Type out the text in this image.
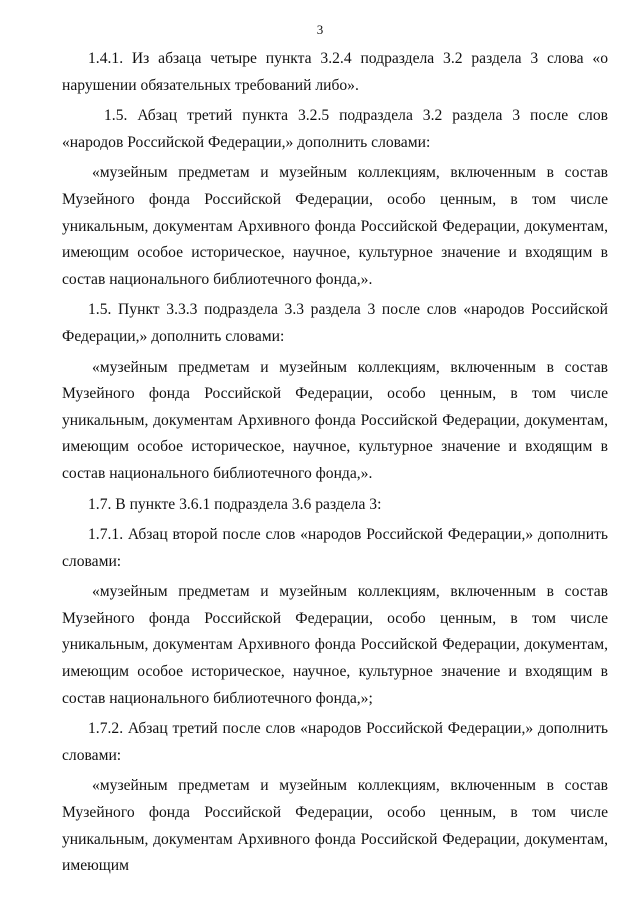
3

1.4.1. Из абзаца четыре пункта 3.2.4 подраздела 3.2 раздела 3 слова «о нарушении обязательных требований либо».

1.5. Абзац третий пункта 3.2.5 подраздела 3.2 раздела 3 после слов «народов Российской Федерации,» дополнить словами:

«музейным предметам и музейным коллекциям, включенным в состав Музейного фонда Российской Федерации, особо ценным, в том числе уникальным, документам Архивного фонда Российской Федерации, документам, имеющим особое историческое, научное, культурное значение и входящим в состав национального библиотечного фонда,».

1.5. Пункт 3.3.3 подраздела 3.3 раздела 3 после слов «народов Российской Федерации,» дополнить словами:

«музейным предметам и музейным коллекциям, включенным в состав Музейного фонда Российской Федерации, особо ценным, в том числе уникальным, документам Архивного фонда Российской Федерации, документам, имеющим особое историческое, научное, культурное значение и входящим в состав национального библиотечного фонда,».

1.7. В пункте 3.6.1 подраздела 3.6 раздела 3:

1.7.1. Абзац второй после слов «народов Российской Федерации,» дополнить словами:

«музейным предметам и музейным коллекциям, включенным в состав Музейного фонда Российской Федерации, особо ценным, в том числе уникальным, документам Архивного фонда Российской Федерации, документам, имеющим особое историческое, научное, культурное значение и входящим в состав национального библиотечного фонда,»;

1.7.2. Абзац третий после слов «народов Российской Федерации,» дополнить словами:

«музейным предметам и музейным коллекциям, включенным в состав Музейного фонда Российской Федерации, особо ценным, в том числе уникальным, документам Архивного фонда Российской Федерации, документам, имеющим
